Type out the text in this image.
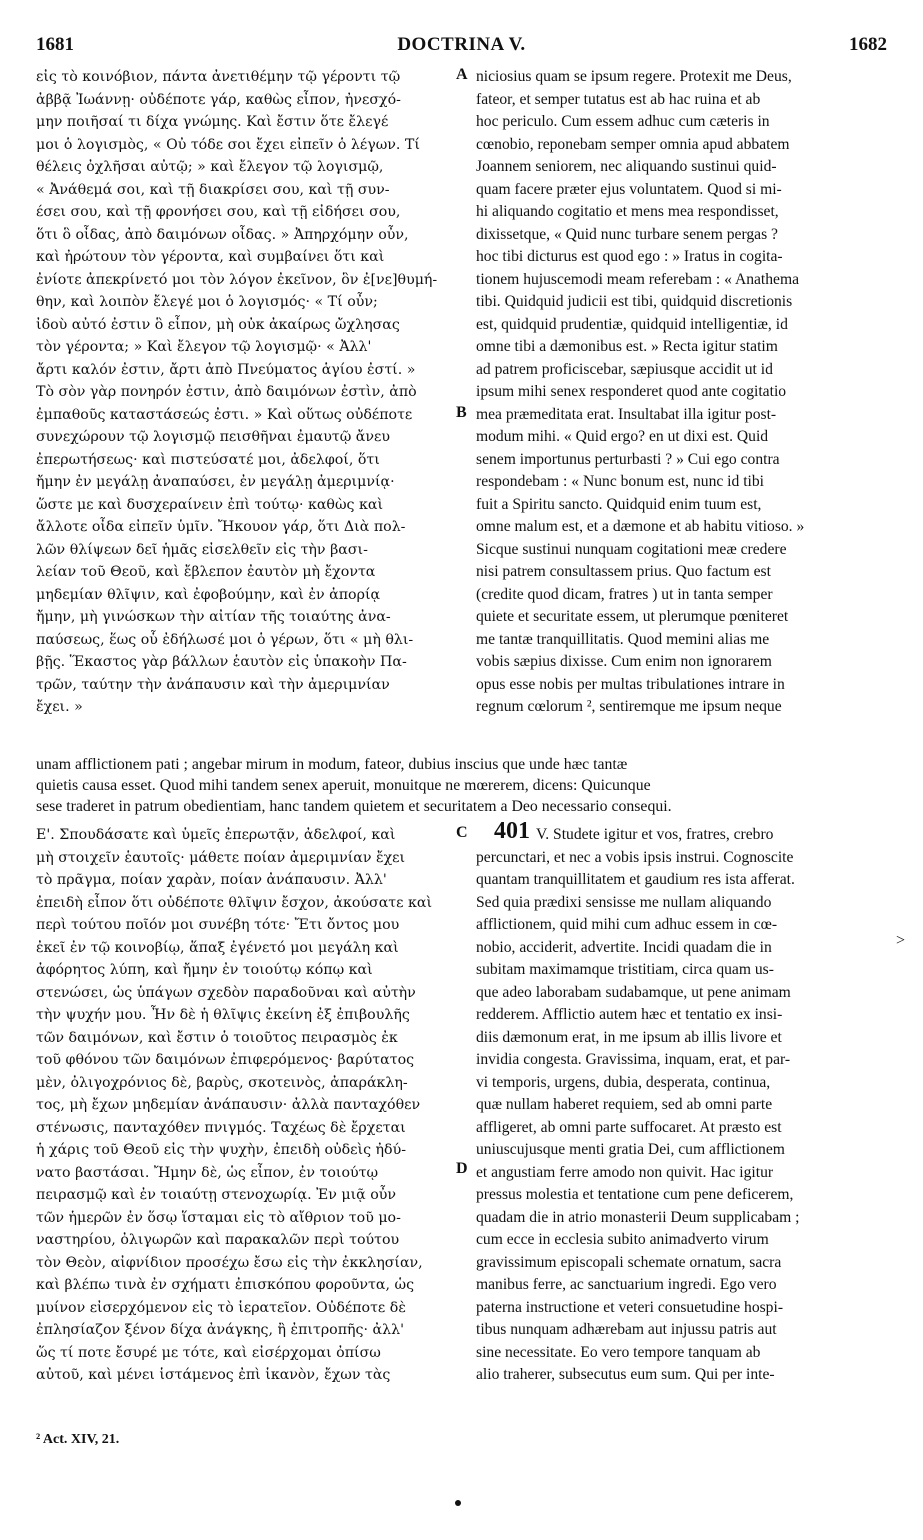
1681	DOCTRINA V.	1682
εἰς τὸ κοινόβιον, πάντα ἀνετιθέμην τῷ γέροντι τῷ
ἀββᾷ Ἰωάννῃ· οὐδέποτε γάρ, καθὼς εἶπον, ἠνεσχό-
μην ποιῆσαί τι δίχα γνώμης. Καὶ ἔστιν ὅτε ἔλεγέ
μοι ὁ λογισμὸς, « Οὐ τόδε σοι ἔχει εἰπεῖν ὁ λέγων. Τί
θέλεις ὀχλῆσαι αὐτῷ; » καὶ ἔλεγον τῷ λογισμῷ,
« Ἀνάθεμά σοι, καὶ τῇ διακρίσει σου, καὶ τῇ συν-
έσει σου, καὶ τῇ φρονήσει σου, καὶ τῇ εἰδήσει σου,
ὅτι ὃ οἶδας, ἀπὸ δαιμόνων οἶδας. » Ἀπηρχόμην οὖν,
καὶ ἠρώτουν τὸν γέροντα, καὶ συμβαίνει ὅτι καὶ
ἐνίοτε ἀπεκρίνετό μοι τὸν λόγον ἐκεῖνον, ὃν ἐ[νε]θυμή-
θην, καὶ λοιπὸν ἔλεγέ μοι ὁ λογισμός· « Τί οὖν;
ἰδοὺ αὐτό ἐστιν ὃ εἶπον, μὴ οὐκ ἀκαίρως ὤχλησας
τὸν γέροντα; » Καὶ ἔλεγον τῷ λογισμῷ· « Ἀλλ'
ἄρτι καλόν ἐστιν, ἄρτι ἀπὸ Πνεύματος ἁγίου ἐστί. »
Τὸ σὸν γὰρ πονηρόν ἐστιν, ἀπὸ δαιμόνων ἐστὶν, ἀπὸ
ἐμπαθοῦς καταστάσεώς ἐστι. » Καὶ οὕτως οὐδέποτε
συνεχώρουν τῷ λογισμῷ πεισθῆναι ἐμαυτῷ ἄνευ
ἐπερωτήσεως· καὶ πιστεύσατέ μοι, ἀδελφοί, ὅτι
ἤμην ἐν μεγάλῃ ἀναπαύσει, ἐν μεγάλῃ ἀμεριμνίᾳ·
ὥστε με καὶ δυσχεραίνειν ἐπὶ τούτῳ· καθὼς καὶ
ἄλλοτε οἶδα εἰπεῖν ὑμῖν. Ἤκουον γάρ, ὅτι Διὰ πολ-
λῶν θλίψεων δεῖ ἡμᾶς εἰσελθεῖν εἰς τὴν βασι-
λείαν τοῦ Θεοῦ, καὶ ἔβλεπον ἐαυτὸν μὴ ἔχοντα
μηδεμίαν θλῖψιν, καὶ ἐφοβούμην, καὶ ἐν ἀπορίᾳ
ἤμην, μὴ γινώσκων τὴν αἰτίαν τῆς τοιαύτης ἀνα-
παύσεως, ἕως οὗ ἐδήλωσέ μοι ὁ γέρων, ὅτι « μὴ θλι-
βῇς. Ἕκαστος γὰρ βάλλων ἑαυτὸν εἰς ὑπακοὴν Πα-
τρῶν, ταύτην τὴν ἀνάπαυσιν καὶ τὴν ἀμεριμνίαν
ἔχει. »
niciosius quam se ipsum regere. Protexit me Deus,
fateor, et semper tutatus est ab hac ruina et ab
hoc periculo. Cum essem adhuc cum cæteris in
cœnobio, reponebam semper omnia apud abbatem
Joannem seniorem, nec aliquando sustinui quid-
quam facere præter ejus voluntatem. Quod si mi-
hi aliquando cogitatio et mens mea respondisset,
dixissetque, « Quid nunc turbare senem pergas ?
hoc tibi dicturus est quod ego : » Iratus in cogita-
tionem hujuscemodi meam referebam : « Anathema
tibi. Quidquid judicii est tibi, quidquid discretionis
est, quidquid prudentiæ, quidquid intelligentiæ, id
omne tibi a dæmonibus est. » Recta igitur statim
ad patrem proficiscebar, sæpiusque accidit ut id
ipsum mihi senex responderet quod ante cogitatio
mea præmeditata erat. Insultabat illa igitur post-
modum mihi. « Quid ergo? en ut dixi est. Quid
senem importunus perturbasti ? » Cui ego contra
respondebam : « Nunc bonum est, nunc id tibi
fuit a Spiritu sancto. Quidquid enim tuum est,
omne malum est, et a dæmone et ab habitu vitioso. »
Sicque sustinui nunquam cogitationi meæ credere
nisi patrem consultassem prius. Quo factum est
(credite quod dicam, fratres ) ut in tanta semper
quiete et securitate essem, ut plerumque pœniteret
me tantæ tranquillitatis. Quod memini alias me
vobis sæpius dixisse. Cum enim non ignorarem
opus esse nobis per multas tribulationes intrare in
regnum cœlorum ², sentiremque me ipsum neque
unam afflictionem pati ; angebar mirum in modum, fateor, dubius inscius que unde hæc tantæ
quietis causa esset. Quod mihi tandem senex aperuit, monuitque ne mœrerem, dicens: Quicunque
sese traderet in patrum obedientiam, hanc tandem quietem et securitatem a Deo necessario consequi.
Ε'. Σπουδάσατε καὶ ὑμεῖς ἐπερωτᾷν, ἀδελφοί, καὶ
μὴ στοιχεῖν ἑαυτοῖς· μάθετε ποίαν ἀμεριμνίαν ἔχει
τὸ πρᾶγμα, ποίαν χαρὰν, ποίαν ἀνάπαυσιν. Ἀλλ'
ἐπειδὴ εἶπον ὅτι οὐδέποτε θλῖψιν ἔσχον, ἀκούσατε καὶ
περὶ τούτου ποῖόν μοι συνέβη τότε· Ἔτι ὄντος μου
ἐκεῖ ἐν τῷ κοινοβίῳ, ἅπαξ ἐγένετό μοι μεγάλη καὶ
ἀφόρητος λύπη, καὶ ἤμην ἐν τοιούτῳ κόπῳ καὶ
στενώσει, ὡς ὑπάγων σχεδὸν παραδοῦναι καὶ αὐτὴν
τὴν ψυχήν μου. Ἦν δὲ ἡ θλῖψις ἐκείνη ἐξ ἐπιβουλῆς
τῶν δαιμόνων, καὶ ἔστιν ὁ τοιοῦτος πειρασμὸς ἐκ
τοῦ φθόνου τῶν δαιμόνων ἐπιφερόμενος· βαρύτατος
μὲν, ὀλιγοχρόνιος δὲ, βαρὺς, σκοτεινὸς, ἀπαράκλη-
τος, μὴ ἔχων μηδεμίαν ἀνάπαυσιν· ἀλλὰ πανταχόθεν
στένωσις, πανταχόθεν πνιγμός. Ταχέως δὲ ἔρχεται
ἡ χάρις τοῦ Θεοῦ εἰς τὴν ψυχὴν, ἐπειδὴ οὐδεὶς ἠδύ-
νατο βαστάσαι. Ἤμην δὲ, ὡς εἶπον, ἐν τοιούτῳ
πειρασμῷ καὶ ἐν τοιαύτῃ στενοχωρίᾳ. Ἐν μιᾷ οὖν
τῶν ἡμερῶν ἐν ὅσῳ ἵσταμαι εἰς τὸ αἴθριον τοῦ μο-
ναστηρίου, ὀλιγωρῶν καὶ παρακαλῶν περὶ τούτου
τὸν Θεὸν, αἰφνίδιον προσέχω ἔσω εἰς τὴν ἐκκλησίαν,
καὶ βλέπω τινὰ ἐν σχήματι ἐπισκόπου φοροῦντα, ὡς
μυίνον εἰσερχόμενον εἰς τὸ ἱερατεῖον. Οὐδέποτε δὲ
ἐπλησίαζον ξένον δίχα ἀνάγκης, ἢ ἐπιτροπῆς· ἀλλ'
ὥς τί ποτε ἔσυρέ με τότε, καὶ εἰσέρχομαι ὀπίσω
αὐτοῦ, καὶ μένει ἱστάμενος ἐπὶ ἱκανὸν, ἔχων τὰς
V. Studete igitur et vos, fratres, crebro
percunctari, et nec a vobis ipsis instrui. Cognoscite
quantam tranquillitatem et gaudium res ista afferat.
Sed quia prædixi sensisse me nullam aliquando
afflictionem, quid mihi cum adhuc essem in cœ-
nobio, acciderit, advertite. Incidi quadam die in
subitam maximamque tristitiam, circa quam us-
que adeo laborabam sudabamque, ut pene animam
redderem. Afflictio autem hæc et tentatio ex insi-
diis dæmonum erat, in me ipsum ab illis livore et
invidia congesta. Gravissima, inquam, erat, et par-
vi temporis, urgens, dubia, desperata, continua,
quæ nullam haberet requiem, sed ab omni parte
affligeret, ab omni parte suffocaret. At præsto est
uniuscujusque menti gratia Dei, cum afflictionem
et angustiam ferre amodo non quivit. Hac igitur
pressus molestia et tentatione cum pene deficerem,
quadam die in atrio monasterii Deum supplicabam ;
cum ecce in ecclesia subito animadverto virum
gravissimum episcopali schemate ornatum, sacra
manibus ferre, ac sanctuarium ingredi. Ego vero
paterna instructione et veteri consuetudine hospi-
tibus nunquam adhærebam aut injussu patris aut
sine necessitate. Eo vero tempore tanquam ab
alio traherer, subsecutus eum sum. Qui per inte-
401
A
B
C
D
>
² Act. XIV, 21.
